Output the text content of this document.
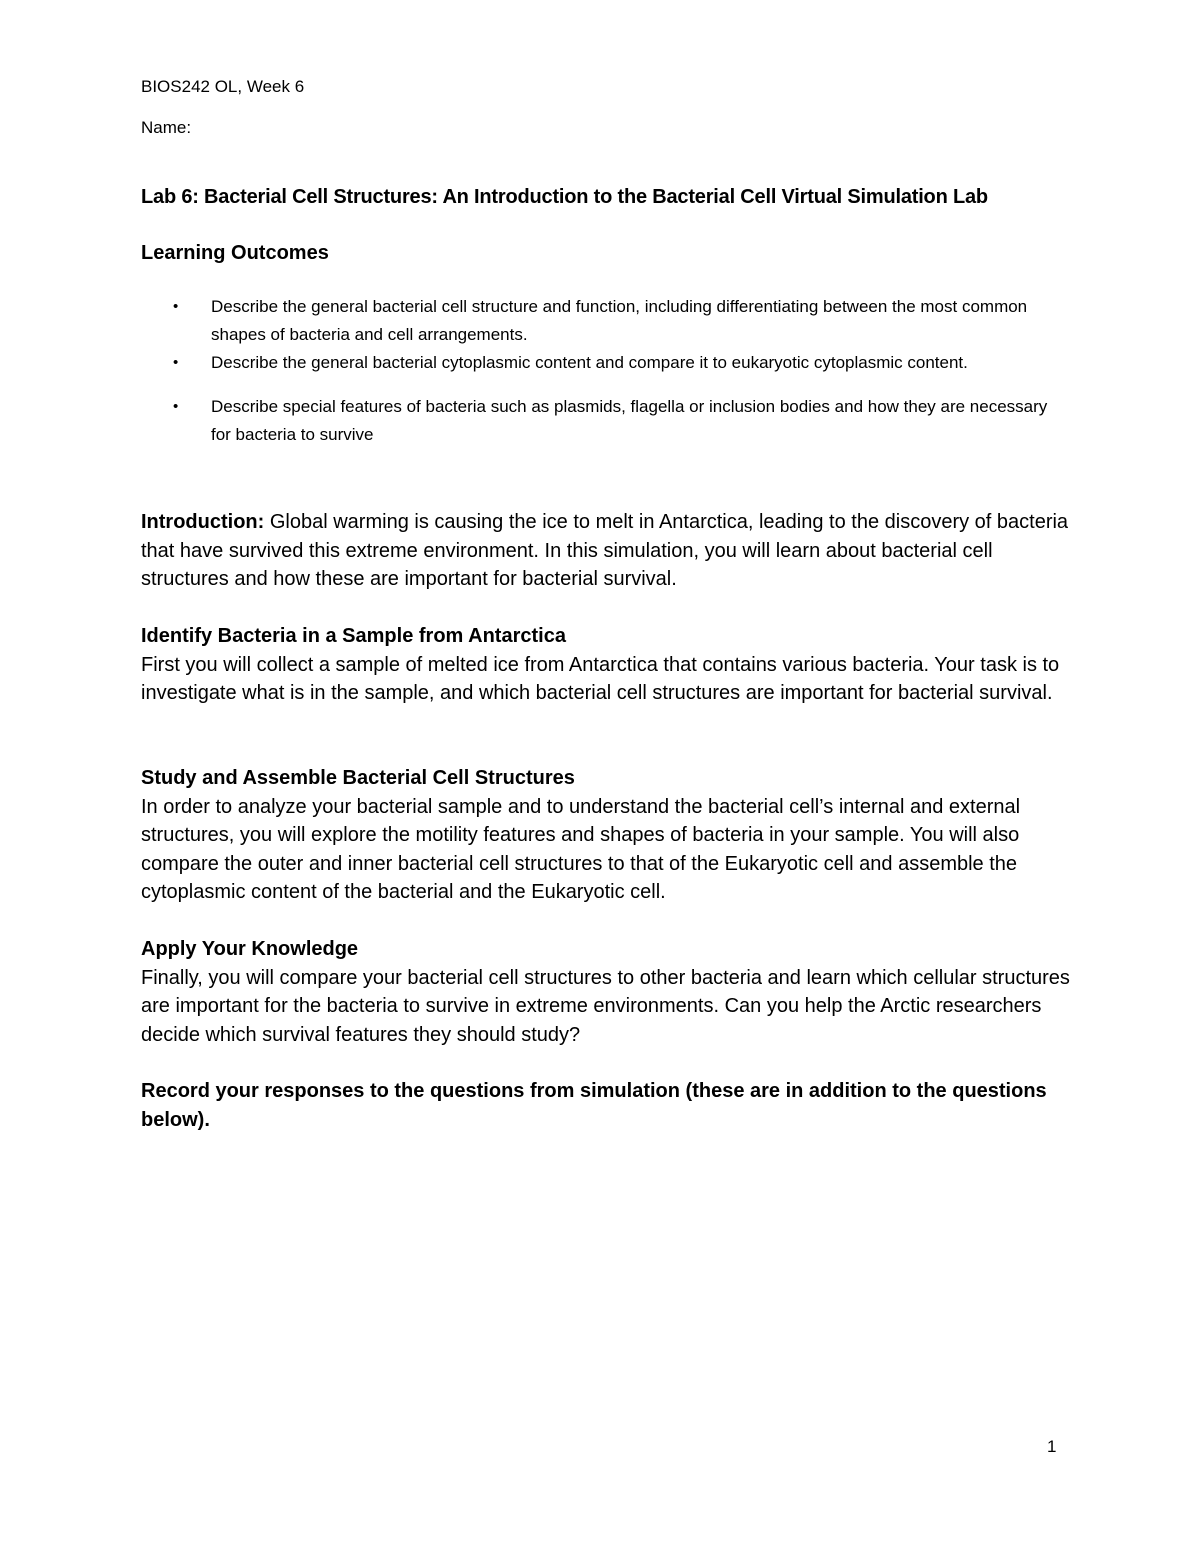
BIOS242 OL, Week 6
Name:
Lab 6: Bacterial Cell Structures: An Introduction to the Bacterial Cell Virtual Simulation Lab
Learning Outcomes
• Describe the general bacterial cell structure and function, including differentiating between the most common shapes of bacteria and cell arrangements.
• Describe the general bacterial cytoplasmic content and compare it to eukaryotic cytoplasmic content.
• Describe special features of bacteria such as plasmids, flagella or inclusion bodies and how they are necessary for bacteria to survive
Introduction: Global warming is causing the ice to melt in Antarctica, leading to the discovery of bacteria that have survived this extreme environment. In this simulation, you will learn about bacterial cell structures and how these are important for bacterial survival.
Identify Bacteria in a Sample from Antarctica
First you will collect a sample of melted ice from Antarctica that contains various bacteria. Your task is to investigate what is in the sample, and which bacterial cell structures are important for bacterial survival.
Study and Assemble Bacterial Cell Structures
In order to analyze your bacterial sample and to understand the bacterial cell’s internal and external structures, you will explore the motility features and shapes of bacteria in your sample. You will also compare the outer and inner bacterial cell structures to that of the Eukaryotic cell and assemble the cytoplasmic content of the bacterial and the Eukaryotic cell.
Apply Your Knowledge
Finally, you will compare your bacterial cell structures to other bacteria and learn which cellular structures are important for the bacteria to survive in extreme environments. Can you help the Arctic researchers decide which survival features they should study?
Record your responses to the questions from simulation (these are in addition to the questions below).
1
